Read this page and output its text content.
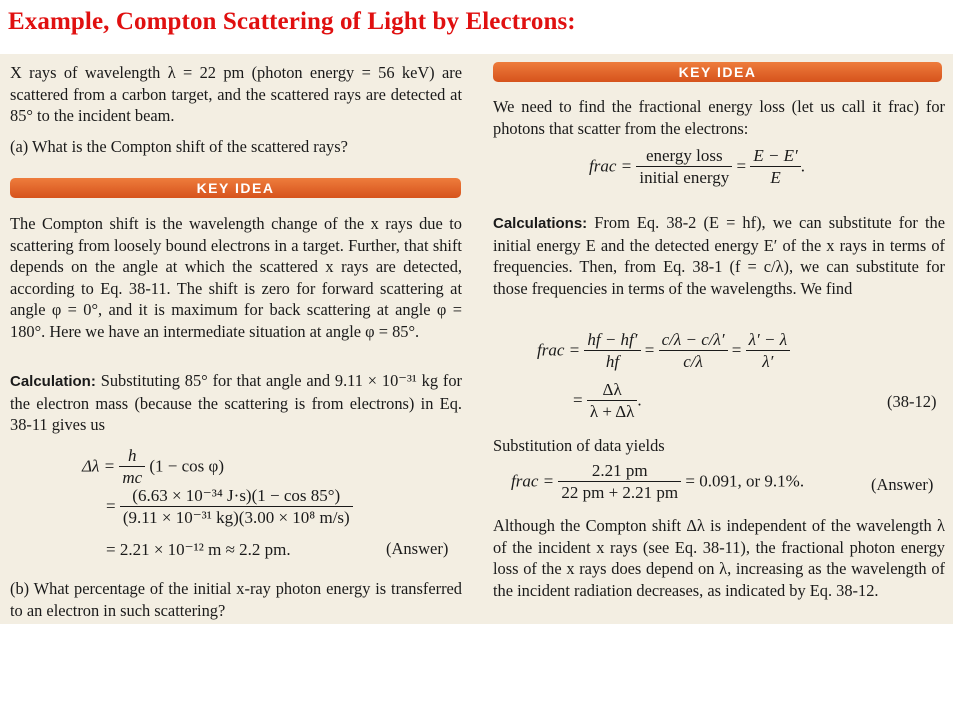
Example, Compton Scattering of Light by Electrons:
X rays of wavelength λ = 22 pm (photon energy = 56 keV) are scattered from a carbon target, and the scattered rays are detected at 85° to the incident beam.
(a) What is the Compton shift of the scattered rays?
KEY IDEA
The Compton shift is the wavelength change of the x rays due to scattering from loosely bound electrons in a target. Further, that shift depends on the angle at which the scattered x rays are detected, according to Eq. 38-11. The shift is zero for forward scattering at angle φ = 0°, and it is maximum for back scattering at angle φ = 180°. Here we have an intermediate situation at angle φ = 85°.
Calculation: Substituting 85° for that angle and 9.11 × 10⁻³¹ kg for the electron mass (because the scattering is from electrons) in Eq. 38-11 gives us
$\Delta\lambda = \frac{h}{mc} (1 - \cos \varphi)$
= $\frac{\text{(6.63 × 10⁻³⁴ J·s)(1 − cos 85°)}}{\text{(9.11 × 10⁻³¹ kg)(3.00 × 10⁸ m/s)}}$
= 2.21 × 10⁻¹² m ≈ 2.2 pm.	(Answer)
(b) What percentage of the initial x-ray photon energy is transferred to an electron in such scattering?
KEY IDEA
We need to find the fractional energy loss (let us call it frac) for photons that scatter from the electrons:
frac = $\frac{\text{energy loss}}{\text{initial energy}} = \frac{E - E'}{E}$ .
Calculations: From Eq. 38-2 (E = hf), we can substitute for the initial energy E and the detected energy E′ of the x rays in terms of frequencies. Then, from Eq. 38-1 (f = c/λ), we can substitute for those frequencies in terms of the wavelengths. We find
frac = $\frac{hf - hf'}{hf} = \frac{c/\lambda - c/\lambda'}{c/\lambda} = \frac{\lambda' - \lambda}{\lambda'}$
= $\frac{\Delta\lambda}{\lambda + \Delta\lambda}$ .	(38-12)
Substitution of data yields
frac = $\frac{2.21 pm}{22 pm + 2.21 pm} = 0.091$, or 9.1%.	(Answer)
Although the Compton shift Δλ is independent of the wavelength λ of the incident x rays (see Eq. 38-11), the fractional photon energy loss of the x rays does depend on λ, increasing as the wavelength of the incident radiation decreases, as indicated by Eq. 38-12.
